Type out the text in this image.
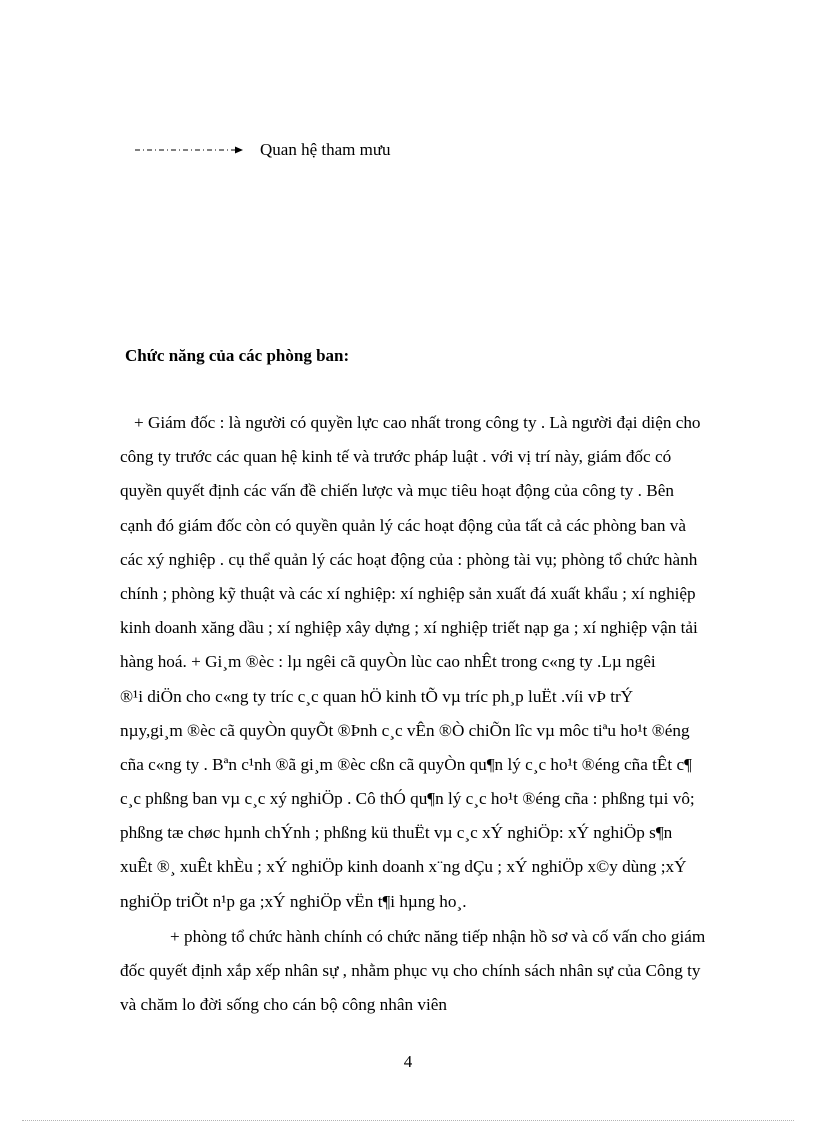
Quan hệ tham mưu
Chức năng của các phòng ban:
+ Giám đốc : là người có quyền lực cao nhất trong công ty . Là người đại diện cho
công ty trước các quan hệ kinh tế và trước pháp luật . với vị trí này, giám đốc có
quyền quyết định các vấn đề chiến lược và mục tiêu hoạt động của công ty . Bên
cạnh đó giám đốc còn có quyền quản lý các hoạt động của tất cả các phòng ban và
các xý nghiệp . cụ thể quản lý các hoạt động của : phòng tài vụ; phòng tổ chức hành
chính ; phòng kỹ thuật và các xí nghiệp: xí nghiệp sản xuất đá xuất khẩu ; xí nghiệp
kinh doanh xăng dầu ; xí nghiệp xây dựng ; xí nghiệp triết nạp ga ; xí nghiệp vận tải
hàng hoá. + Gi¸m ®èc : lµ ngêi cã quyÒn lùc cao nhÊt trong c«ng ty .Lµ ngêi
®¹i diÖn cho c«ng ty tríc c¸c quan hÖ kinh tÕ vµ tríc ph¸p luËt .víi vÞ trÝ
nµy,gi¸m ®èc cã quyÒn quyÕt ®Þnh c¸c vÊn ®Ò chiÕn lîc vµ môc tiªu ho¹t ®éng
cña c«ng ty . Bªn c¹nh ®ã gi¸m ®èc cßn cã quyÒn qu¶n lý c¸c ho¹t ®éng cña tÊt c¶
c¸c phßng ban vµ c¸c xý nghiÖp . Cô thÓ qu¶n lý c¸c ho¹t ®éng cña : phßng tµi vô;
phßng tæ chøc hµnh chÝnh ; phßng kü thuËt vµ c¸c xÝ nghiÖp: xÝ nghiÖp s¶n
xuÊt ®¸ xuÊt khÈu ; xÝ nghiÖp kinh doanh x¨ng dÇu ; xÝ nghiÖp x©y dùng ;xÝ
nghiÖp triÕt n¹p ga ;xÝ nghiÖp vËn t¶i hµng ho¸.
+ phòng tổ chức hành chính có chức năng tiếp nhận hồ sơ và cố vấn cho giám
đốc quyết định xắp xếp nhân sự , nhằm phục vụ cho chính sách nhân sự của Công ty
và chăm lo đời sống cho cán bộ công nhân viên
4
